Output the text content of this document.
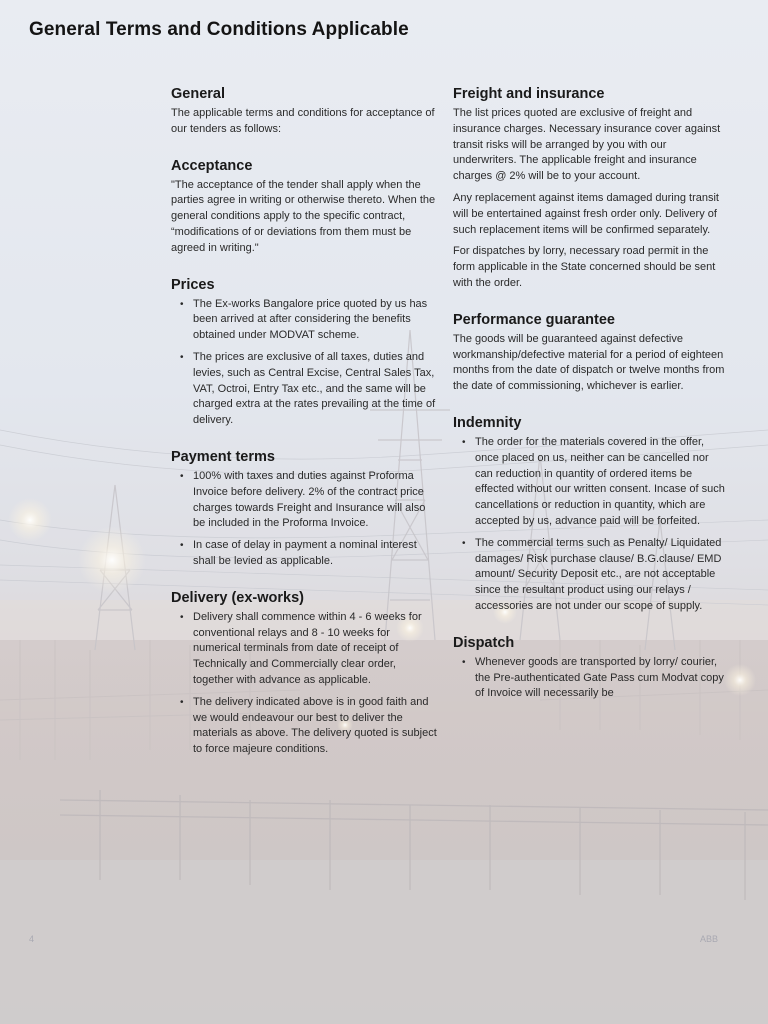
General Terms and Conditions Applicable
General

The applicable terms and conditions for acceptance of our tenders as follows:

Acceptance

"The acceptance of the tender shall apply when the parties agree in writing or otherwise thereto. When the general conditions apply to the specific contract, “modifications of or deviations from them must be agreed in writing."

Prices
• The Ex-works Bangalore price quoted by us has been arrived at after considering the benefits obtained under MODVAT scheme.
• The prices are exclusive of all taxes, duties and levies, such as Central Excise, Central Sales Tax, VAT, Octroi, Entry Tax etc., and the same will be charged extra at the rates prevailing at the time of delivery.
Payment terms
• 100% with taxes and duties against Proforma Invoice before delivery. 2% of the contract price charges towards Freight and Insurance will also be included in the Proforma Invoice.
• In case of delay in payment a nominal interest shall be levied as applicable.
Delivery (ex-works)
• Delivery shall commence within 4 - 6 weeks for conventional relays and 8 - 10 weeks for numerical terminals from date of receipt of Technically and Commercially clear order, together with advance as applicable.
• The delivery indicated above is in good faith and we would endeavour our best to deliver the materials as above. The delivery quoted is subject to force majeure conditions.
Freight and insurance

The list prices quoted are exclusive of freight and insurance charges. Necessary insurance cover against transit risks will be arranged by you with our underwriters. The applicable freight and insurance charges @ 2% will be to your account.

Any replacement against items damaged during transit will be entertained against fresh order only. Delivery of such replacement items will be confirmed separately.

For dispatches by lorry, necessary road permit in the form applicable in the State concerned should be sent with the order.

Performance guarantee

The goods will be guaranteed against defective workmanship/defective material for a period of eighteen months from the date of dispatch or twelve months from the date of commissioning, whichever is earlier.

Indemnity
• The order for the materials covered in the offer, once placed on us, neither can be cancelled nor can reduction in quantity of ordered items be effected without our written consent. Incase of such cancellations or reduction in quantity, which are accepted by us, advance paid will be forfeited.
• The commercial terms such as Penalty/ Liquidated damages/ Risk purchase clause/ B.G.clause/ EMD amount/ Security Deposit etc., are not acceptable since the resultant product using our relays / accessories are not under our scope of supply.
Dispatch
• Whenever goods are transported by lorry/ courier, the Pre-authenticated Gate Pass cum Modvat copy of Invoice will necessarily be
4	ABB
